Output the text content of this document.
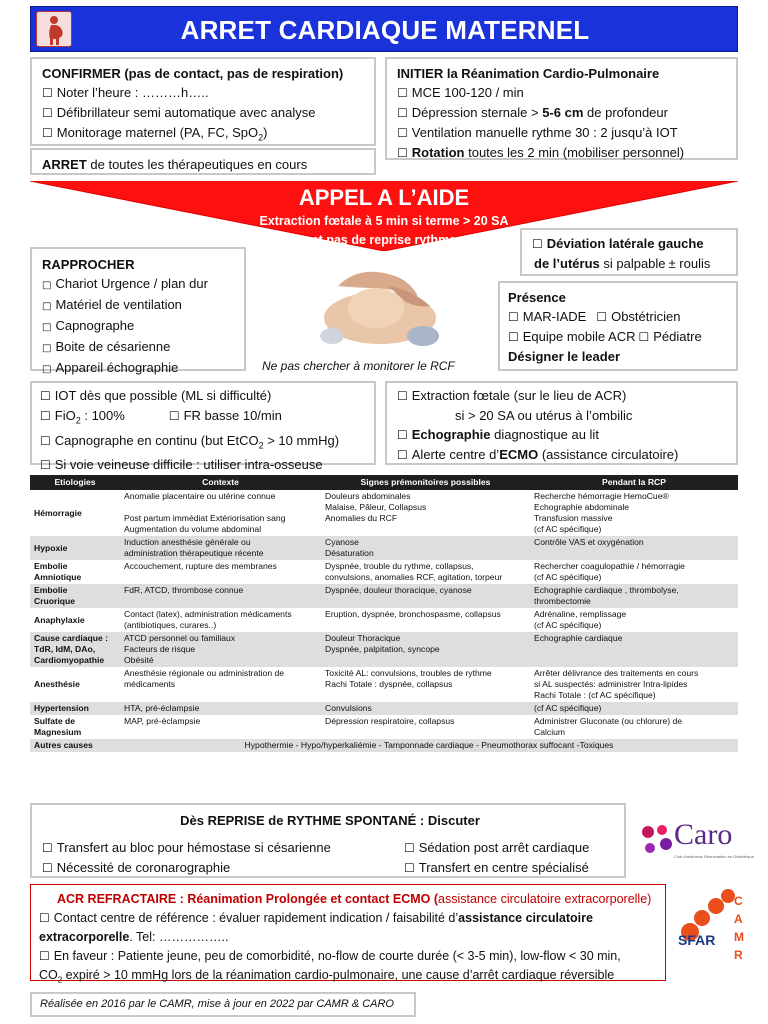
ARRET CARDIAQUE MATERNEL
CONFIRMER (pas de contact, pas de respiration)
☐ Noter l’heure : ………h…..
☐ Défibrillateur semi automatique avec analyse
☐ Monitorage maternel (PA, FC, SpO$_2$)
ARRET de toutes les thérapeutiques en cours
INITIER la Réanimation Cardio-Pulmonaire
☐ MCE 100-120 / min
☐ Dépression sternale > 5-6 cm de profondeur
☐ Ventilation manuelle rythme 30 : 2 jusqu’à IOT
☐ Rotation toutes les 2 min (mobiliser personnel)
APPEL A L’AIDE
Extraction fœtale à 5 min si terme > 20 SA
et pas de reprise rythme	☐ Déviation latérale gauche
de l’utérus si palpable ± roulis
RAPPROCHER
□ Chariot Urgence / plan dur
□ Matériel de ventilation
□ Capnographe
□ Boite de césarienne
□ Appareil échographie	Ne pas chercher à monitorer le RCF
Présence
☐ MAR-IADE ☐ Obstétricien
☐ Equipe mobile ACR ☐ Pédiatre
Désigner le leader
☐ IOT dès que possible (ML si difficulté)
☐ FiO$_2$ : 100%	☐ FR basse 10/min
☐ Capnographe en continu (but EtCO$_2$ > 10 mmHg)
☐ Si voie veineuse difficile : utiliser intra-osseuse
☐ Extraction fœtale (sur le lieu de ACR)
si > 20 SA ou utérus à l’ombilic
☐ Echographie diagnostique au lit
☐ Alerte centre d’ECMO (assistance circulatoire)
Etiologies	Contexte	Signes prémonitoires possibles	Pendant la RCP
Hémorragie	Anomalie placentaire ou utérine connue

Post partum immédiat Extériorisation sang
Augmentation du volume abdominal	Douleurs abdominales
Malaise, Pâleur, Collapsus
Anomalies du RCF	Recherche hémorragie HemoCue®
Echographie abdominale
Transfusion massive
(cf AC spécifique)
Hypoxie	Induction anesthésie générale ou
administration thérapeutique récente	Cyanose
Désaturation	Contrôle VAS et oxygénation
Embolie
Amniotique	Accouchement, rupture des membranes	Dyspnée, trouble du rythme, collapsus,
convulsions, anomalies RCF, agitation, torpeur	Rechercher coagulopathie / hémorragie
(cf AC spécifique)
Embolie
Cruorique	FdR, ATCD, thrombose connue	Dyspnée, douleur thoracique, cyanose	Echographie cardiaque , thrombolyse,
thrombectomie
Anaphylaxie	Contact (latex), administration médicaments
(antibiotiques, curares..)	Eruption, dyspnée, bronchospasme, collapsus	Adrénaline, remplissage
(cf AC spécifique)
Cause cardiaque :
TdR, IdM, DAo,
Cardiomyopathie	ATCD personnel ou familiaux
Facteurs de risque
Obésité	Douleur Thoracique
Dyspnée, palpitation, syncope	Echographie cardiaque
Anesthésie	Anesthésie régionale ou administration de
médicaments	Toxicité AL: convulsions, troubles de rythme
Rachi Totale : dyspnée, collapsus	Arrêter délivrance des traitements en cours
si AL suspectés: administrer Intra-lipides
Rachi Totale : (cf AC spécifique)
Hypertension	HTA, pré-éclampsie	Convulsions	(cf AC spécifique)
Sulfate de
Magnesium	MAP, pré-éclampsie	Dépression respiratoire, collapsus	Administrer Gluconate (ou chlorure) de
Calcium
Autres causes	Hypothermie - Hypo/hyperkaliémie - Tamponnade cardiaque - Pneumothorax suffocant -Toxiques		
Dès REPRISE de RYTHME SPONTANÉ : Discuter
☐ Transfert au bloc pour hémostase si césarienne	☐ Sédation post arrêt cardiaque
☐ Nécessité de coronarographie	☐ Transfert en centre spécialisé
Caro
Club Anesthésie Réanimation en Obstétrique
ACR REFRACTAIRE : Réanimation Prolongée et contact ECMO (assistance circulatoire extracorporelle)
☐ Contact centre de référence : évaluer rapidement indication / faisabilité d’assistance circulatoire
extracorporelle. Tel: ……………..
☐ En faveur : Patiente jeune, peu de comorbidité, no-flow de courte durée (< 3-5 min), low-flow < 30 min,
$CO_2$ expiré > 10 mmHg lors de la réanimation cardio-pulmonaire, une cause d’arrêt cardiaque réversible
SFAR
CAMR
Réalisée en 2016 par le CAMR, mise à jour en 2022 par CAMR & CARO
